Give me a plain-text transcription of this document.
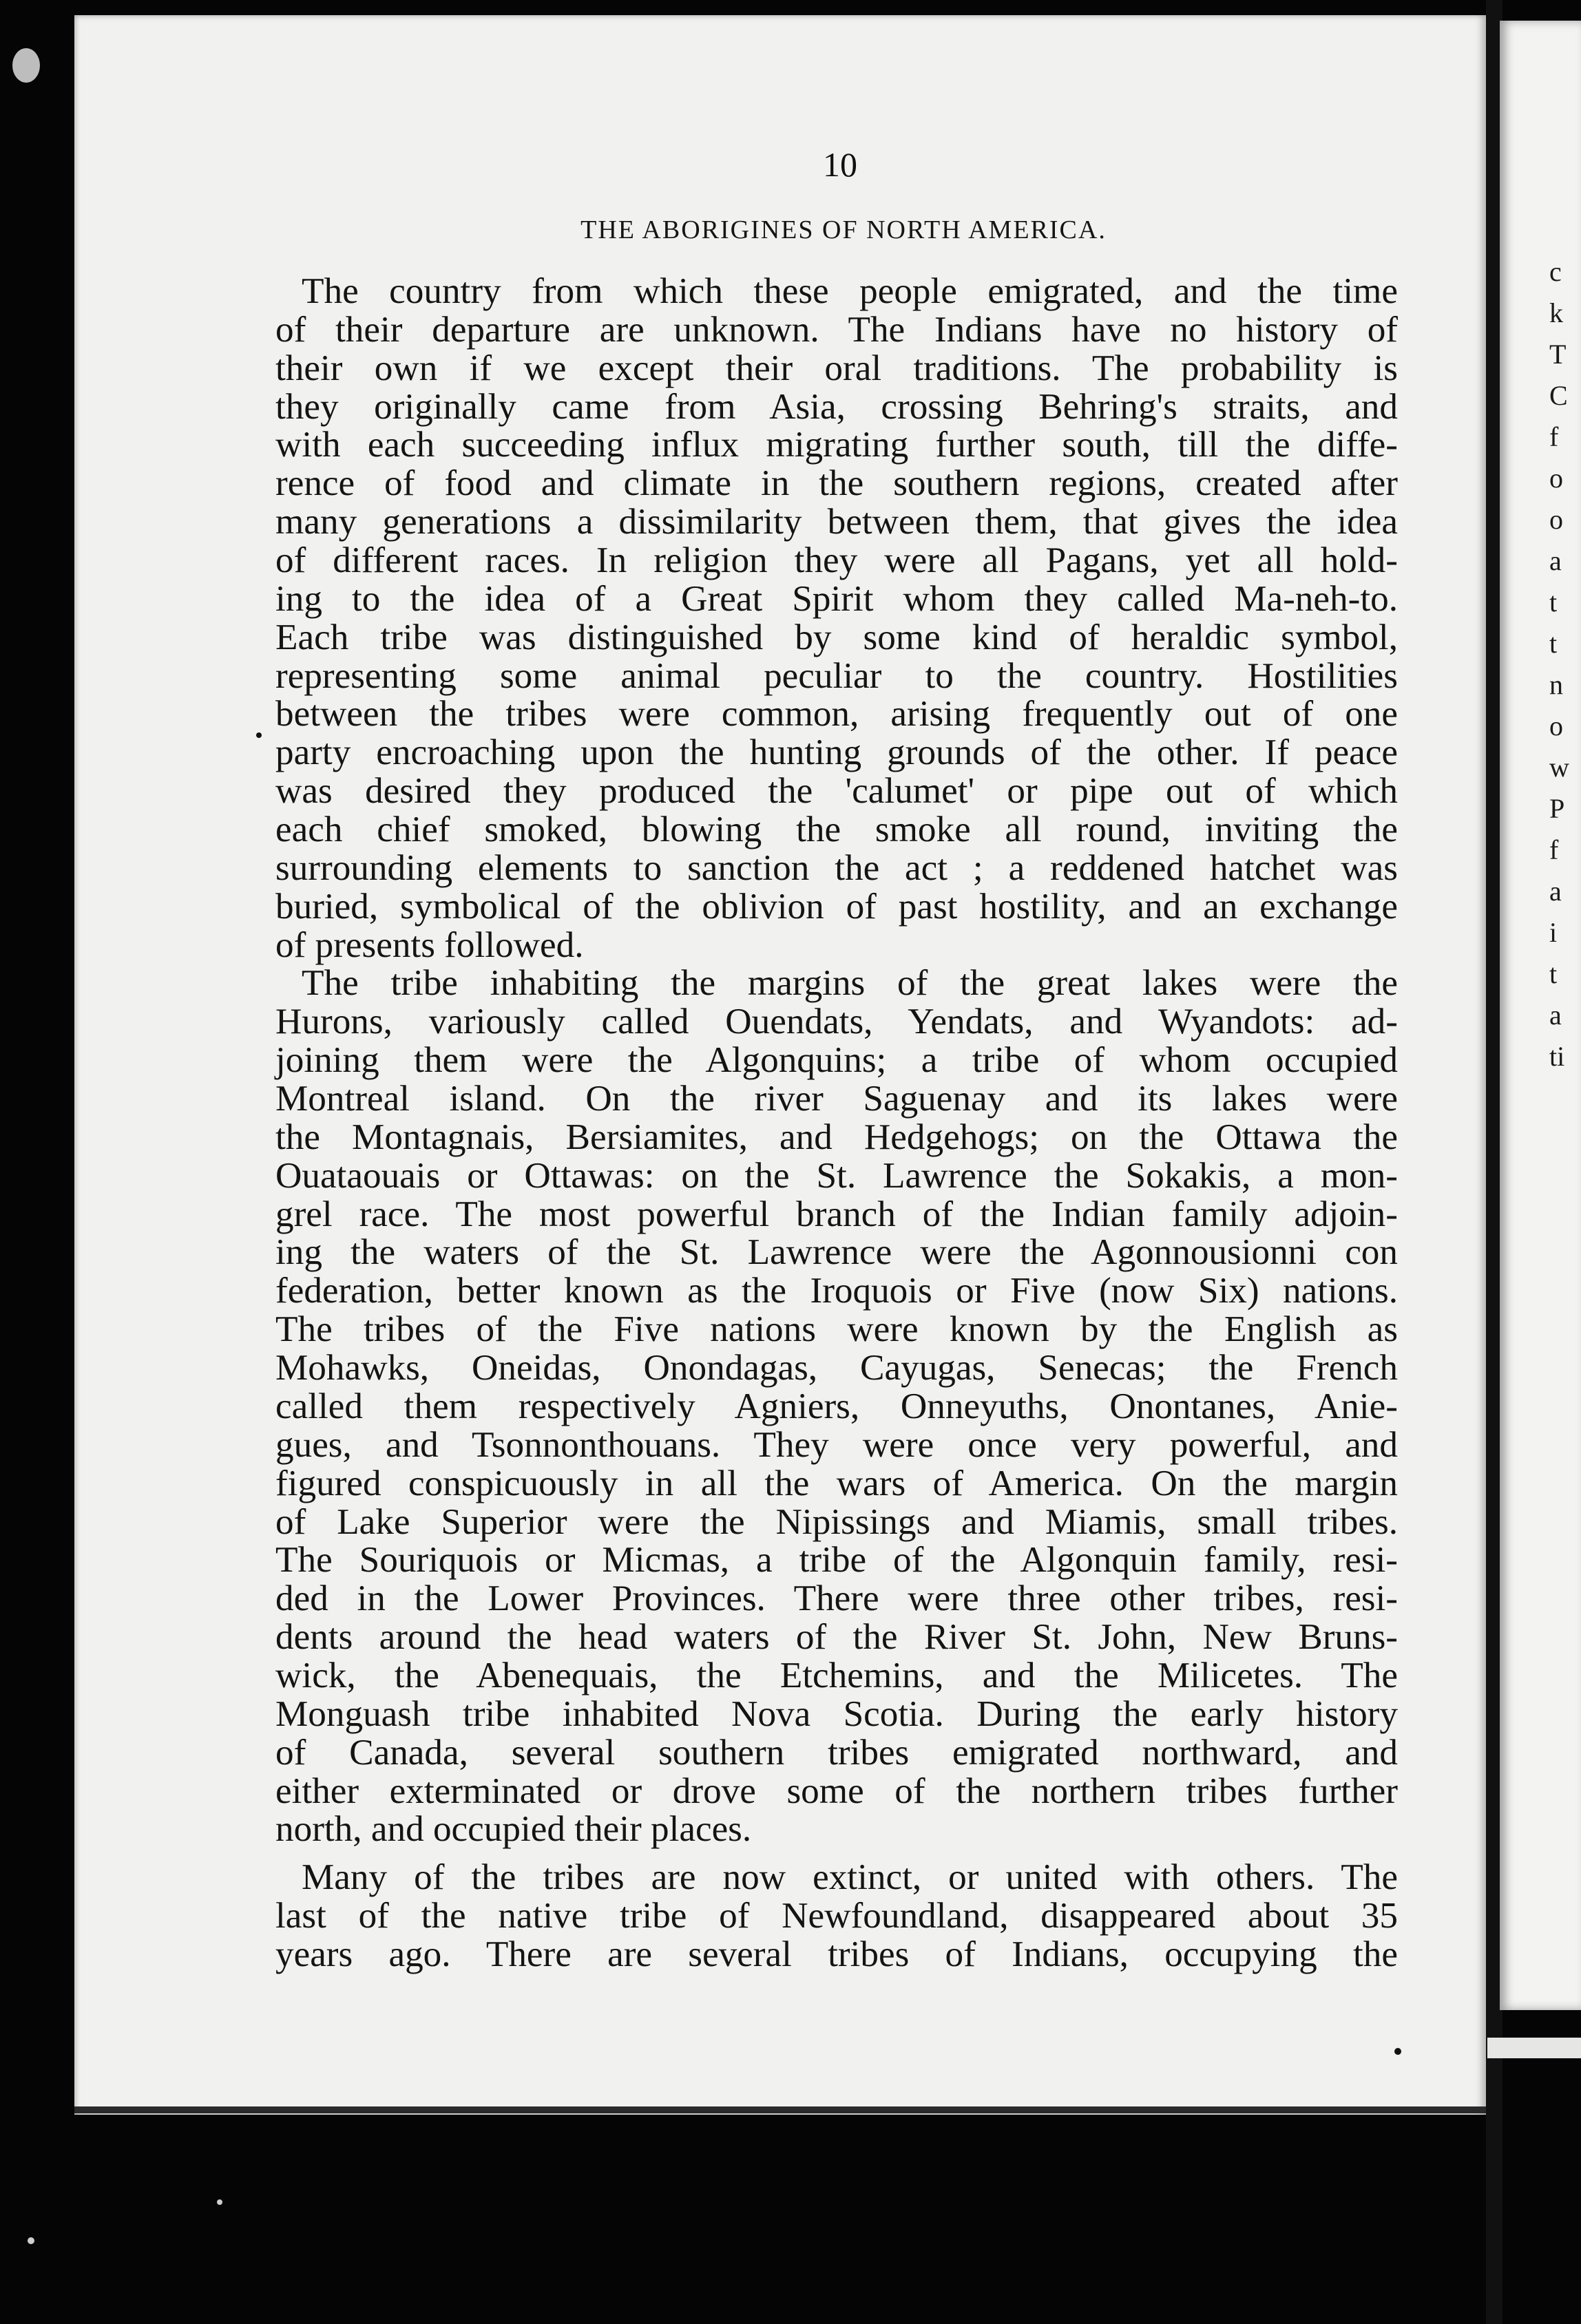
c
k
T
C
f
o
o
a
t
t
n
o
w
P
f
a
i
t
a
ti
10
THE ABORIGINES OF NORTH AMERICA.
The country from which these people emigrated, and the time
of their departure are unknown. The Indians have no history of
their own if we except their oral traditions. The probability is
they originally came from Asia, crossing Behring's straits, and
with each succeeding influx migrating further south, till the diffe-
rence of food and climate in the southern regions, created after
many generations a dissimilarity between them, that gives the idea
of different races. In religion they were all Pagans, yet all hold-
ing to the idea of a Great Spirit whom they called Ma-neh-to.
Each tribe was distinguished by some kind of heraldic symbol,
representing some animal peculiar to the country. Hostilities
between the tribes were common, arising frequently out of one
party encroaching upon the hunting grounds of the other. If peace
was desired they produced the 'calumet' or pipe out of which
each chief smoked, blowing the smoke all round, inviting the
surrounding elements to sanction the act ; a reddened hatchet was
buried, symbolical of the oblivion of past hostility, and an exchange
of presents followed.
The tribe inhabiting the margins of the great lakes were the
Hurons, variously called Ouendats, Yendats, and Wyandots: ad-
joining them were the Algonquins; a tribe of whom occupied
Montreal island. On the river Saguenay and its lakes were
the Montagnais, Bersiamites, and Hedgehogs; on the Ottawa the
Ouataouais or Ottawas: on the St. Lawrence the Sokakis, a mon-
grel race. The most powerful branch of the Indian family adjoin-
ing the waters of the St. Lawrence were the Agonnousionni con
federation, better known as the Iroquois or Five (now Six) nations.
The tribes of the Five nations were known by the English as
Mohawks, Oneidas, Onondagas, Cayugas, Senecas; the French
called them respectively Agniers, Onneyuths, Onontanes, Anie-
gues, and Tsonnonthouans. They were once very powerful, and
figured conspicuously in all the wars of America. On the margin
of Lake Superior were the Nipissings and Miamis, small tribes.
The Souriquois or Micmas, a tribe of the Algonquin family, resi-
ded in the Lower Provinces. There were three other tribes, resi-
dents around the head waters of the River St. John, New Bruns-
wick, the Abenequais, the Etchemins, and the Milicetes. The
Monguash tribe inhabited Nova Scotia. During the early history
of Canada, several southern tribes emigrated northward, and
either exterminated or drove some of the northern tribes further
north, and occupied their places.
Many of the tribes are now extinct, or united with others. The
last of the native tribe of Newfoundland, disappeared about 35
years ago. There are several tribes of Indians, occupying the
